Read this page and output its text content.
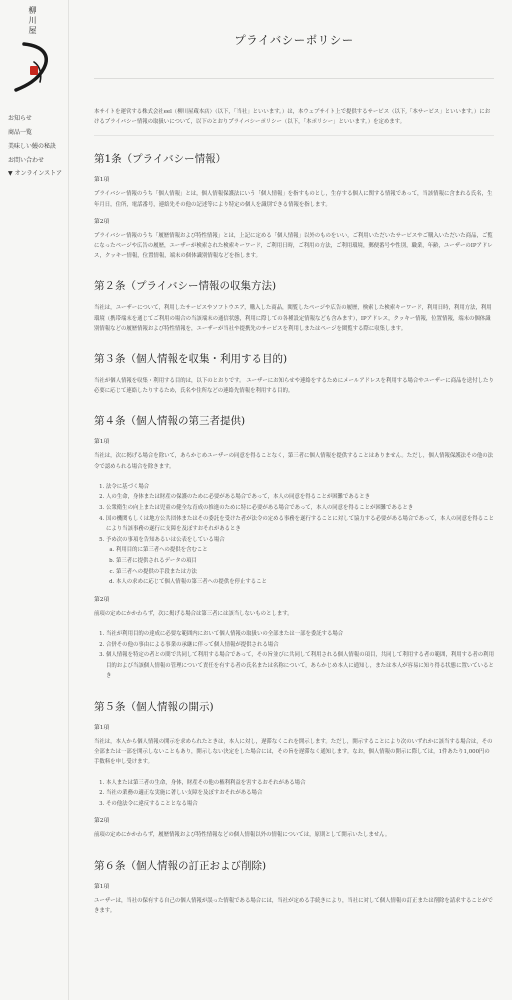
柳川屋
お知らせ
商品一覧
美味しい鰻の秘訣
お問い合わせ
▼ オンラインストア
プライバシーポリシー

本サイトを運営する株式会社eel（柳川屋蔵本店）（以下，「当社」といいます。）は，本ウェブサイト上で提供するサービス（以下,「本サービス」といいます。）におけるプライバシー情報の取扱いについて，以下のとおりプライバシーポリシー（以下，「本ポリシー」といいます。）を定めます。

第1条（プライバシー情報）
第1項

プライバシー情報のうち「個人情報」とは，個人情報保護法にいう「個人情報」を指すものとし，生存する個人に関する情報であって，当該情報に含まれる氏名，生年月日，住所，電話番号，連絡先その他の記述等により特定の個人を識別できる情報を指します。

第2項

プライバシー情報のうち「履歴情報および特性情報」とは，上記に定める「個人情報」以外のものをいい，ご利用いただいたサービスやご購入いただいた商品，ご覧になったページや広告の履歴，ユーザーが検索された検索キーワード，ご利用日時，ご利用の方法，ご利用環境，郵便番号や性別，職業，年齢，ユーザーのIPアドレス，クッキー情報，位置情報，端末の個体識別情報などを指します。

第２条（プライバシー情報の収集方法)

当社は，ユーザーについて，利用したサービスやソフトウエア，購入した商品，閲覧したページや広告の履歴，検索した検索キーワード，利用日時，利用方法，利用環境（携帯端末を通じてご利用の場合の当該端末の通信状態，利用に際しての各種設定情報なども含みます），IPアドレス，クッキー情報，位置情報，端末の個体識別情報などの履歴情報および特性情報を，ユーザーが当社や提携先のサービスを利用しまたはページを閲覧する際に収集します。

第３条（個人情報を収集・利用する目的)

当社が個人情報を収集・利用する目的は，以下のとおりです。 ユーザーにお知らせや連絡をするためにメールアドレスを利用する場合やユーザーに商品を送付したり必要に応じて連絡したりするため，氏名や住所などの連絡先情報を利用する目的。

第４条（個人情報の第三者提供)
第1項

当社は，次に掲げる場合を除いて，あらかじめユーザーの同意を得ることなく，第三者に個人情報を提供することはありません。ただし，個人情報保護法その他の法令で認められる場合を除きます。

1. 法令に基づく場合
2. 人の生命，身体または財産の保護のために必要がある場合であって，本人の同意を得ることが困難であるとき
3. 公衆衛生の向上または児童の健全な育成の推進のために特に必要がある場合であって，本人の同意を得ることが困難であるとき
4. 国の機関もしくは地方公共団体またはその委託を受けた者が法令の定める事務を遂行することに対して協力する必要がある場合であって，本人の同意を得ることにより当該事務の遂行に支障を及ぼすおそれがあるとき
5. 予め次の事項を告知あるいは公表をしている場合
a. 利用目的に第三者への提供を含むこと
b. 第三者に提供されるデータの項目
c. 第三者への提供の手段または方法
d. 本人の求めに応じて個人情報の第三者への提供を停止すること
第2項

前項の定めにかかわらず，次に掲げる場合は第三者には該当しないものとします。

1. 当社が利用目的の達成に必要な範囲内において個人情報の取扱いの全部または一部を委託する場合
2. 合併その他の事由による事業の承継に伴って個人情報が提供される場合
3. 個人情報を特定の者との間で共同して利用する場合であって，その旨並びに共同して利用される個人情報の項目，共同して利用する者の範囲，利用する者の利用目的および当該個人情報の管理について責任を有する者の氏名または名称について，あらかじめ本人に通知し，または本人が容易に知り得る状態に置いているとき
第５条（個人情報の開示)
第1項

当社は，本人から個人情報の開示を求められたときは，本人に対し，遅滞なくこれを開示します。ただし，開示することにより次のいずれかに該当する場合は，その全部または一部を開示しないこともあり，開示しない決定をした場合には，その旨を遅滞なく通知します。なお，個人情報の開示に際しては，1件あたり1,000円の手数料を申し受けます。

1. 本人または第三者の生命，身体，財産その他の権利利益を害するおそれがある場合
2. 当社の業務の適正な実施に著しい支障を及ぼすおそれがある場合
3. その他法令に違反することとなる場合
第2項

前項の定めにかかわらず，履歴情報および特性情報などの個人情報以外の情報については，原則として開示いたしません。

第６条（個人情報の訂正および削除)
第1項

ユーザーは，当社の保有する自己の個人情報が誤った情報である場合には，当社が定める手続きにより，当社に対して個人情報の訂正または削除を請求することができます。
